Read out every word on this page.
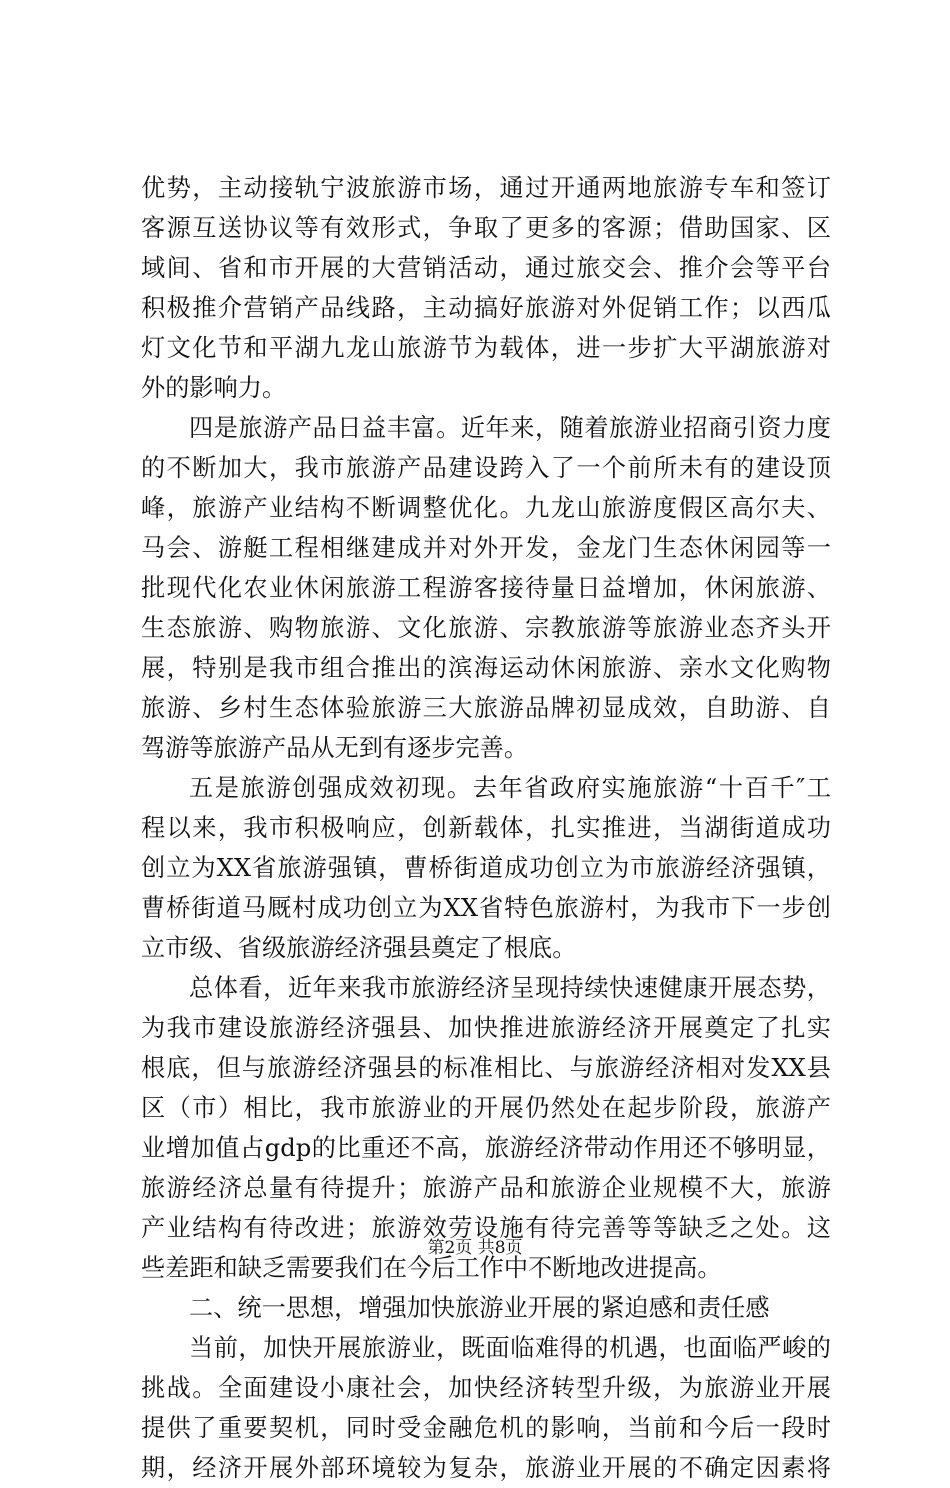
优势，主动接轨宁波旅游市场，通过开通两地旅游专车和签订
客源互送协议等有效形式，争取了更多的客源；借助国家、区
域间、省和市开展的大营销活动，通过旅交会、推介会等平台
积极推介营销产品线路，主动搞好旅游对外促销工作；以西瓜
灯文化节和平湖九龙山旅游节为载体，进一步扩大平湖旅游对
外的影响力。
四是旅游产品日益丰富。近年来，随着旅游业招商引资力度
的不断加大，我市旅游产品建设跨入了一个前所未有的建设顶
峰，旅游产业结构不断调整优化。九龙山旅游度假区高尔夫、
马会、游艇工程相继建成并对外开发，金龙门生态休闲园等一
批现代化农业休闲旅游工程游客接待量日益增加，休闲旅游、
生态旅游、购物旅游、文化旅游、宗教旅游等旅游业态齐头开
展，特别是我市组合推出的滨海运动休闲旅游、亲水文化购物
旅游、乡村生态体验旅游三大旅游品牌初显成效，自助游、自
驾游等旅游产品从无到有逐步完善。
五是旅游创强成效初现。去年省政府实施旅游“十百千″工
程以来，我市积极响应，创新载体，扎实推进，当湖街道成功
创立为XX省旅游强镇，曹桥街道成功创立为市旅游经济强镇，
曹桥街道马厩村成功创立为XX省特色旅游村，为我市下一步创
立市级、省级旅游经济强县奠定了根底。
总体看，近年来我市旅游经济呈现持续快速健康开展态势，
为我市建设旅游经济强县、加快推进旅游经济开展奠定了扎实
根底，但与旅游经济强县的标准相比、与旅游经济相对发XX县
区（市）相比，我市旅游业的开展仍然处在起步阶段，旅游产
业增加值占gdp的比重还不高，旅游经济带动作用还不够明显，
旅游经济总量有待提升；旅游产品和旅游企业规模不大，旅游
产业结构有待改进；旅游效劳设施有待完善等等缺乏之处。这
些差距和缺乏需要我们在今后工作中不断地改进提高。
二、统一思想，增强加快旅游业开展的紧迫感和责任感
当前，加快开展旅游业，既面临难得的机遇，也面临严峻的
挑战。全面建设小康社会，加快经济转型升级，为旅游业开展
提供了重要契机，同时受金融危机的影响，当前和今后一段时
期，经济开展外部环境较为复杂，旅游业开展的不确定因素将
第2页 共8页
